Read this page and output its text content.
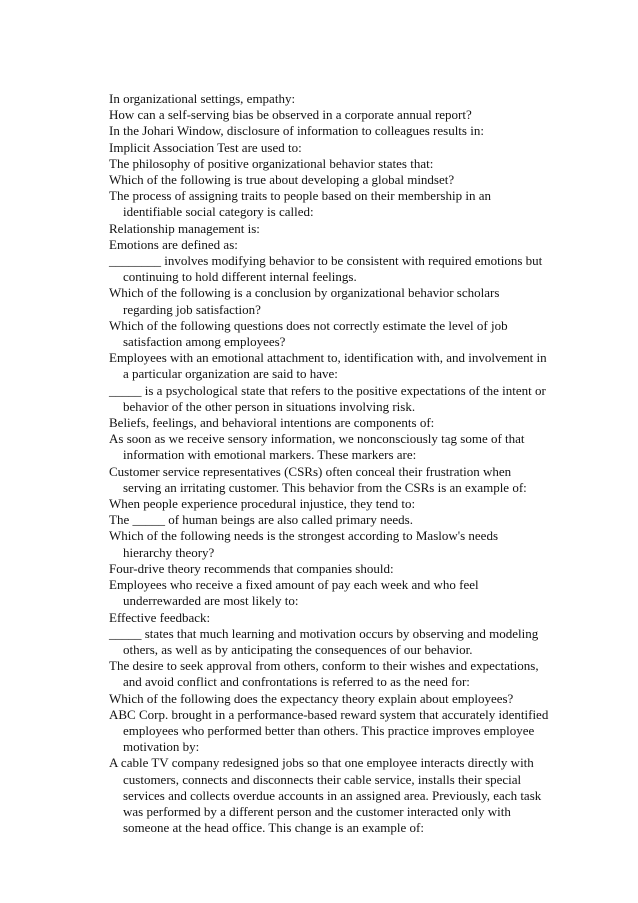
In organizational settings, empathy:

How can a self-serving bias be observed in a corporate annual report?

In the Johari Window, disclosure of information to colleagues results in:

Implicit Association Test are used to:

The philosophy of positive organizational behavior states that:

Which of the following is true about developing a global mindset?

The process of assigning traits to people based on their membership in an identifiable social category is called:

Relationship management is:

Emotions are defined as:

________ involves modifying behavior to be consistent with required emotions but continuing to hold different internal feelings.

Which of the following is a conclusion by organizational behavior scholars regarding job satisfaction?

Which of the following questions does not correctly estimate the level of job satisfaction among employees?

Employees with an emotional attachment to, identification with, and involvement in a particular organization are said to have:

_____ is a psychological state that refers to the positive expectations of the intent or behavior of the other person in situations involving risk.

Beliefs, feelings, and behavioral intentions are components of:

As soon as we receive sensory information, we nonconsciously tag some of that information with emotional markers. These markers are:

Customer service representatives (CSRs) often conceal their frustration when serving an irritating customer. This behavior from the CSRs is an example of:

When people experience procedural injustice, they tend to:

The _____ of human beings are also called primary needs.

Which of the following needs is the strongest according to Maslow's needs hierarchy theory?

Four-drive theory recommends that companies should:

Employees who receive a fixed amount of pay each week and who feel underrewarded are most likely to:

Effective feedback:

_____ states that much learning and motivation occurs by observing and modeling others, as well as by anticipating the consequences of our behavior.

The desire to seek approval from others, conform to their wishes and expectations, and avoid conflict and confrontations is referred to as the need for:

Which of the following does the expectancy theory explain about employees?

ABC Corp. brought in a performance-based reward system that accurately identified employees who performed better than others. This practice improves employee motivation by:

A cable TV company redesigned jobs so that one employee interacts directly with customers, connects and disconnects their cable service, installs their special services and collects overdue accounts in an assigned area. Previously, each task was performed by a different person and the customer interacted only with someone at the head office. This change is an example of:
